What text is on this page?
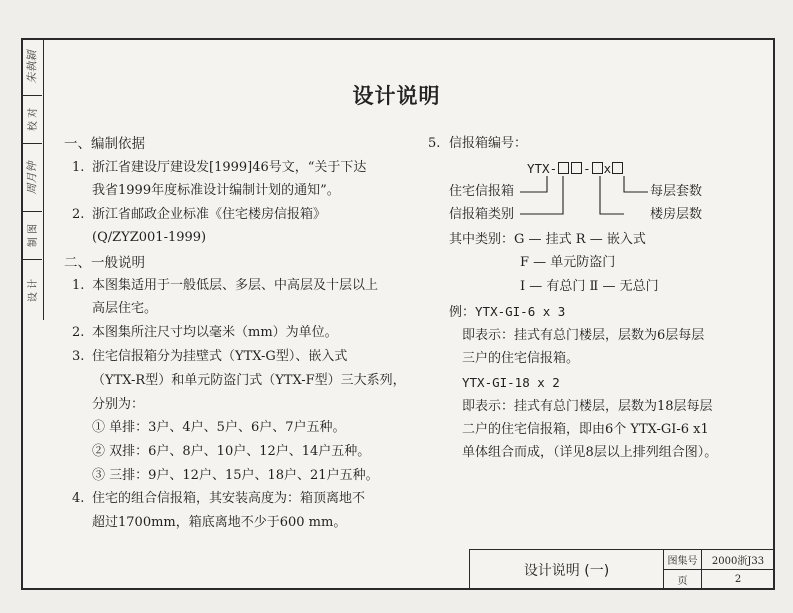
朱執穎
校 对
周月钟
制 图
设 计
设计说明
一、编制依据
1. 浙江省建设厅建设发[1999]46号文，“关于下达
我省1999年度标准设计编制计划的通知”。
2. 浙江省邮政企业标准《住宅楼房信报箱》
(Q/ZYZ001-1999)
二、一般说明
1. 本图集适用于一般低层、多层、中高层及十层以上
高层住宅。
2. 本图集所注尺寸均以毫米（mm）为单位。
3. 住宅信报箱分为挂壁式（YTX-G型）、嵌入式
（YTX-R型）和单元防盗门式（YTX-F型）三大系列，
分别为：
① 单排：3户、4户、5户、6户、7户五种。
② 双排：6户、8户、10户、12户、14户五种。
③ 三排：9户、12户、15户、18户、21户五种。
4. 住宅的组合信报箱，其安装高度为：箱顶离地不
超过1700mm，箱底离地不少于600 mm。
5. 信报箱编号：
YTX- - x
住宅信报箱
信报箱类别
每层套数
楼房层数
其中类别：G — 挂式 R — 嵌入式
F — 单元防盗门
I — 有总门 Ⅱ — 无总门
例：YTX-GI-6 x 3
即表示：挂式有总门楼层，层数为6层每层
三户的住宅信报箱。
YTX-GI-18 x 2
即表示：挂式有总门楼层，层数为18层每层
二户的住宅信报箱，即由6个 YTX-GI-6 x1
单体组合而成，（详见8层以上排列组合图）。
设计说明 (一)
图集号	2000浙J33
页	2
